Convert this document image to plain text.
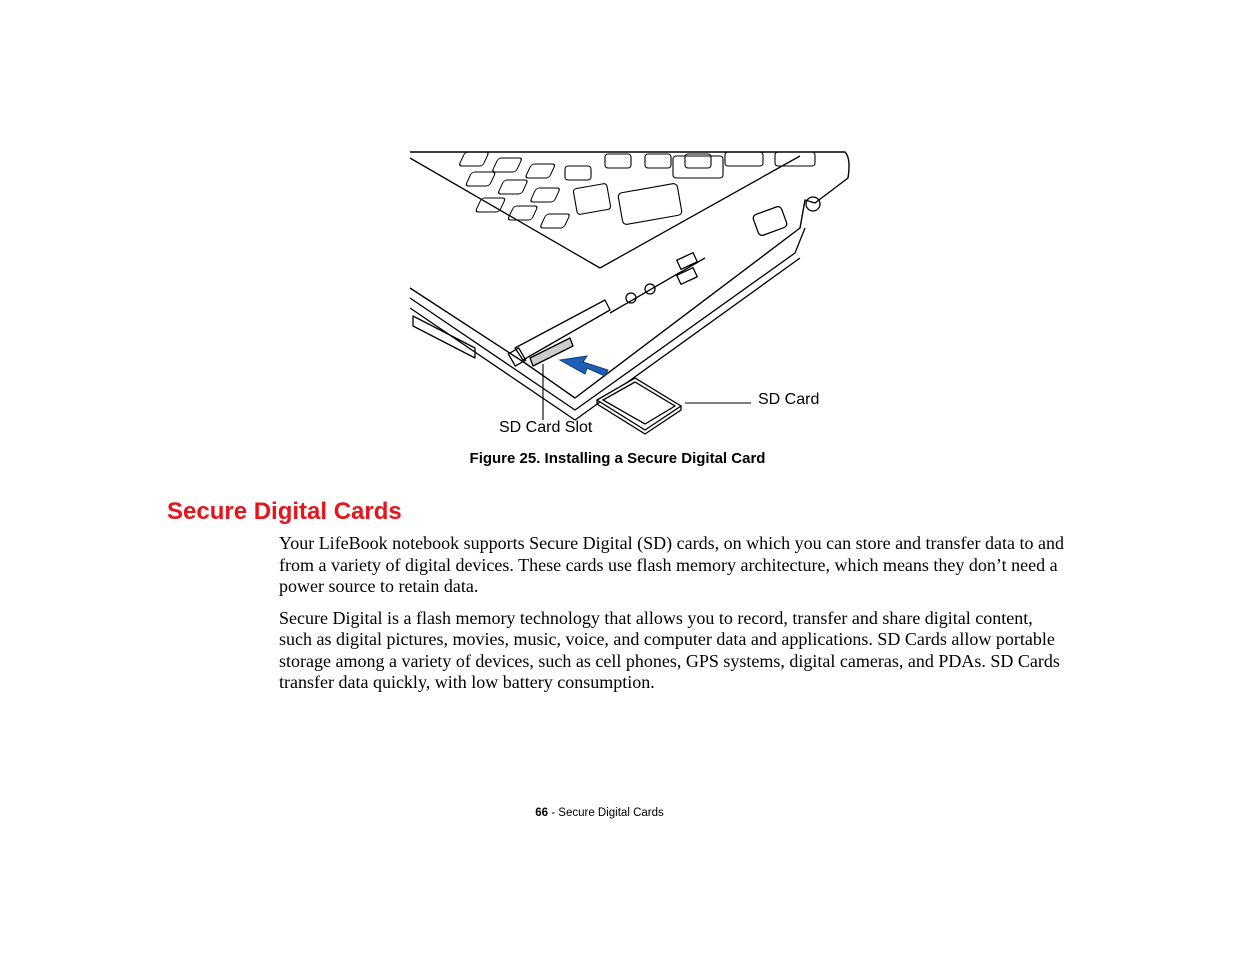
SD Card
SD Card Slot
Figure 25. Installing a Secure Digital Card
Secure Digital Cards

Your LifeBook notebook supports Secure Digital (SD) cards, on which you can store and transfer data to and from a variety of digital devices. These cards use flash memory architecture, which means they don’t need a power source to retain data.

Secure Digital is a flash memory technology that allows you to record, transfer and share digital content, such as digital pictures, movies, music, voice, and computer data and applications. SD Cards allow portable storage among a variety of devices, such as cell phones, GPS systems, digital cameras, and PDAs. SD Cards transfer data quickly, with low battery consumption.

66 - Secure Digital Cards
